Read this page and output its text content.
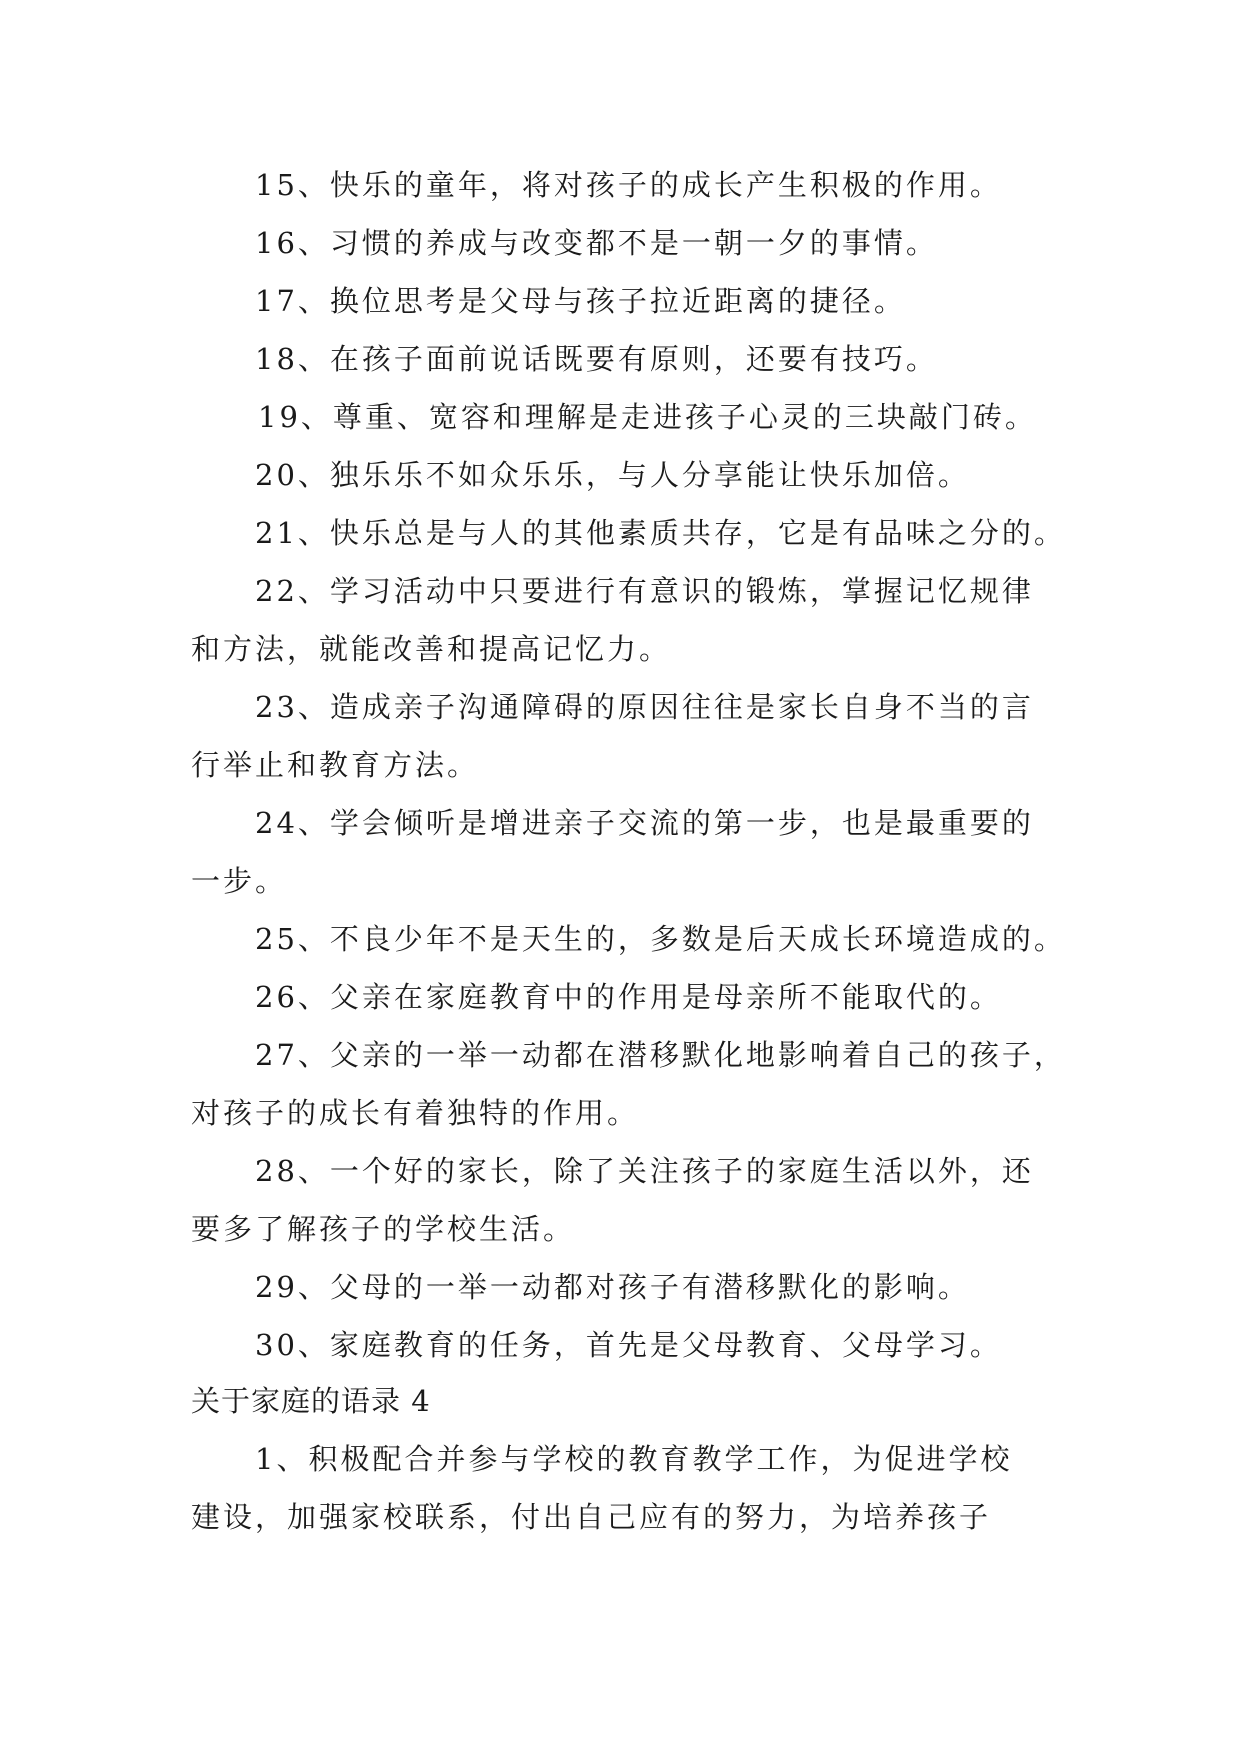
15、快乐的童年，将对孩子的成长产生积极的作用。
16、习惯的养成与改变都不是一朝一夕的事情。
17、换位思考是父母与孩子拉近距离的捷径。
18、在孩子面前说话既要有原则，还要有技巧。
19、尊重、宽容和理解是走进孩子心灵的三块敲门砖。
20、独乐乐不如众乐乐，与人分享能让快乐加倍。
21、快乐总是与人的其他素质共存，它是有品味之分的。
22、学习活动中只要进行有意识的锻炼，掌握记忆规律
和方法，就能改善和提高记忆力。
23、造成亲子沟通障碍的原因往往是家长自身不当的言
行举止和教育方法。
24、学会倾听是增进亲子交流的第一步，也是最重要的
一步。
25、不良少年不是天生的，多数是后天成长环境造成的。
26、父亲在家庭教育中的作用是母亲所不能取代的。
27、父亲的一举一动都在潜移默化地影响着自己的孩子，
对孩子的成长有着独特的作用。
28、一个好的家长，除了关注孩子的家庭生活以外，还
要多了解孩子的学校生活。
29、父母的一举一动都对孩子有潜移默化的影响。
30、家庭教育的任务，首先是父母教育、父母学习。
关于家庭的语录 4
1、积极配合并参与学校的教育教学工作，为促进学校
建设，加强家校联系，付出自己应有的努力，为培养孩子
